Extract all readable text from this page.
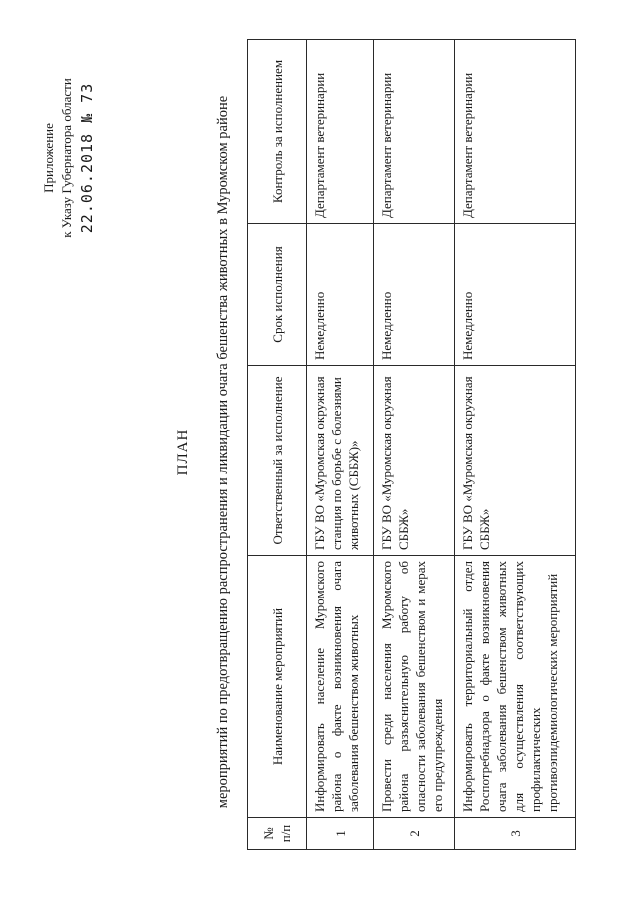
Приложение к Указу Губернатора области 22.06.2018 № 73
ПЛАН мероприятий по предотвращению распространения и ликвидации очага бешенства животных в Муромском районе
№ п/п	Наименование мероприятий	Ответственный за исполнение	Срок исполнения	Контроль за исполнением
1	Информировать население Муромского района о факте возникновения очага заболевания бешенством животных	ГБУ ВО «Муромская окружная станция по борьбе с болезнями животных (СББЖ)»	Немедленно	Департамент ветеринарии
2	Провести среди населения Муромского района разъяснительную работу об опасности заболевания бешенством и мерах его предупреждения	ГБУ ВО «Муромская окружная СББЖ»	Немедленно	Департамент ветеринарии
3	Информировать территориальный отдел Роспотребнадзора о факте возникновения очага заболевания бешенством животных для осуществления соответствующих профилактических противоэпидемиологических мероприятий	ГБУ ВО «Муромская окружная СББЖ»	Немедленно	Департамент ветеринарии
